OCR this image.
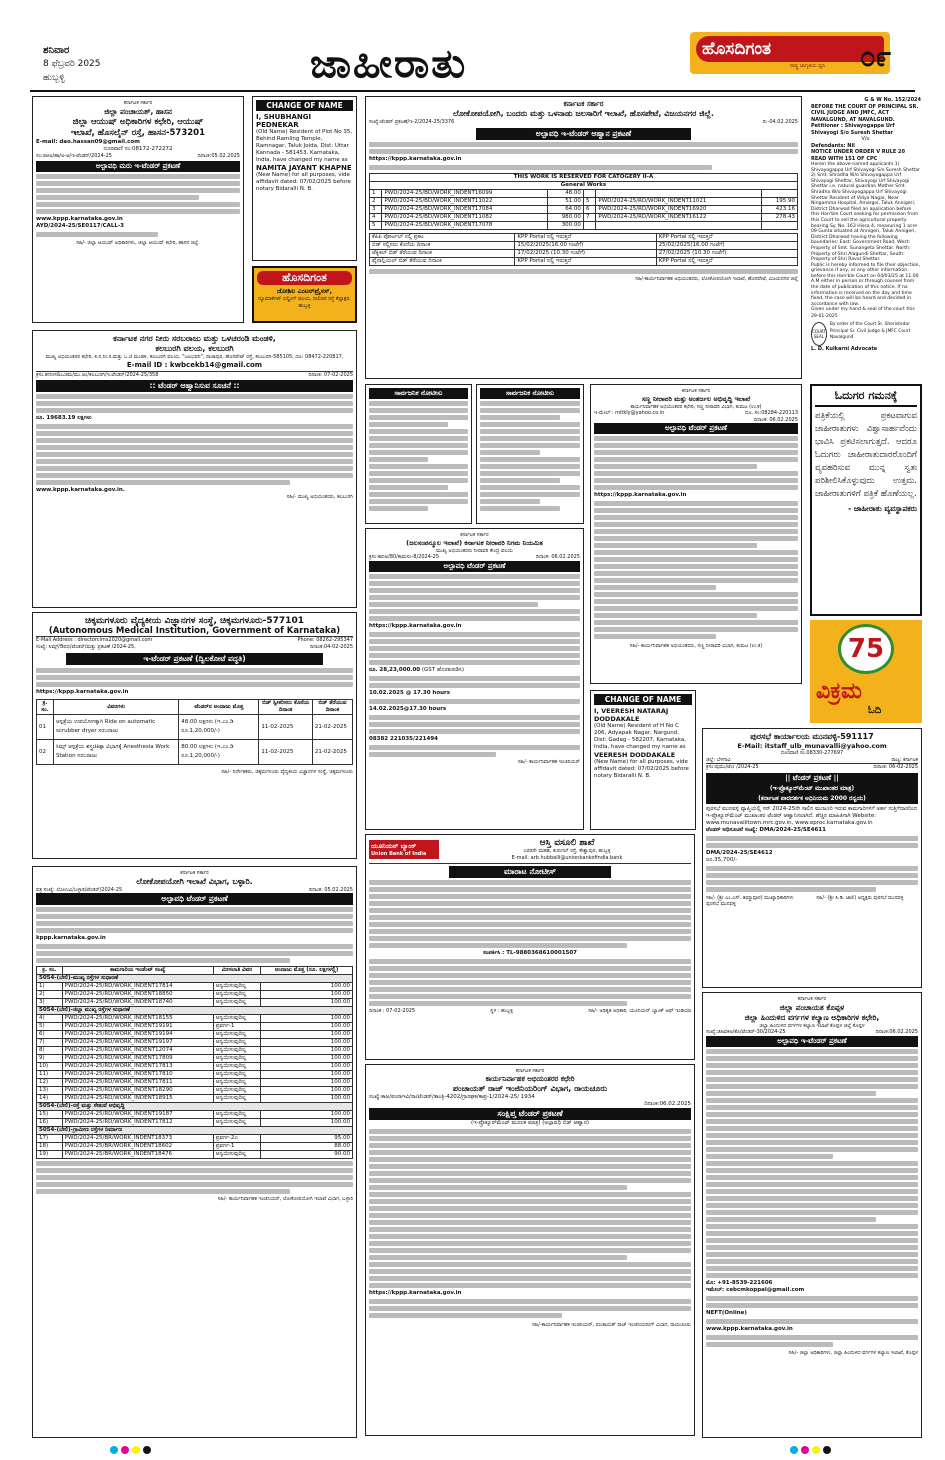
ಶನಿವಾರ
8 ಫೆಬ್ರವರಿ 2025
ಹುಬ್ಬಳ್ಳಿ	ಜಾಹೀರಾತು	ಹೊಸದಿಗಂತ
ರಾಷ್ಟ್ರ ಜಾಗೃತಿಯ ಧ್ವನಿ ೦೯
ಕರ್ನಾಟಕ ಸರ್ಕಾರ
ಜಿಲ್ಲಾ ಪಂಚಾಯತ್, ಹಾಸನ
ಜಿಲ್ಲಾ ಆಯುಷ್ ಅಧಿಕಾರಿಗಳ ಕಛೇರಿ, ಆಯುಷ್
ಇಲಾಖೆ, ಹೊಸಲೈನ್ ರಸ್ತೆ, ಹಾಸನ-573201
E-mail: dao.hassan09@gmail.com
ದೂರವಾಣಿ ನಂ:08172-272272
ಸಂ:ಜಿಆಅ/ಹಾ/ಅ-ಆ/ಇ-ಟೆಂಡರ್/2024-25	ದಿನಾಂಕ:05.02.2025
ಅಲ್ಪಾವಧಿ ಮರು ಇ-ಟೆಂಡರ್ ಪ್ರಕಟಣೆ
www.kppp.karnataka.gov.in
AYD/2024-25/SE0117/CALL-3
ಸಹಿ/- ಜಿಲ್ಲಾ ಆಯುಷ್ ಅಧಿಕಾರಿಗಳು, ಜಿಲ್ಲಾ ಆಯುಷ್ ಕಛೇರಿ, ಹಾಸನ ಜಿಲ್ಲೆ.
CHANGE OF NAME
I, SHUBHANGI PEDNEKAR
(Old Name) Resident of Plot No 35, Behind Ramling Temple, Ramnagar, Taluk Joida, Dist: Uttar Kannada - 581453, Karnataka, India, have changed my name as
NAMITA JAYANT KHAPNE
(New Name) for all purposes, vide affidavit dated: 07/02/2025 before notary Bidaralli N. B.
ಹೊಸದಿಗಂತ
ಜೋಶಿಲ ಎಂಟರ್‌ಪ್ರೈಸಸ್,
ನ್ಯೂಮಾರ್ಕೆಟ್ ಬಿಲ್ಡಿಂಗ್ ವಲಯ, ನೀಲಿಜಿನ ರಸ್ತೆ ಕೆಲ್ಲಾಕ್ಷರ, ಹುಬ್ಬಳ್ಳಿ
ಕರ್ನಾಟಕ ಸರ್ಕಾರ
ಲೋಕೋಪಯೋಗಿ, ಬಂದರು ಮತ್ತು ಒಳನಾಡು ಜಲಸಾರಿಗೆ ಇಲಾಖೆ, ಹೊಸಪೇಟೆ, ವಿಜಯನಗರ ಜಿಲ್ಲೆ.
ಸಂಖ್ಯೆ:ಟೆಂಡರ್ ಪ್ರಕಟಣೆ/ಇ-2/2024-25/3376	ದಿ:-04.02.2025
ಅಲ್ಪಾವಧಿ ಇ-ಟೆಂಡರ್ ಆಹ್ವಾನ ಪ್ರಕಟಣೆ
https://kppp.karnataka.gov.in
THIS WORK IS RESERVED FOR CATOGERY II-A					
General Works					
1	PWD/2024-25/BD/WORK_INDENT16099	48.00			
2	PWD/2024-25/BD/WORK_INDENT11022	51.00	5	PWD/2024-25/RD/WORK_INDENT11021	195.90
3	PWD/2024-25/BD/WORK_INDENT17084	64.00	6	PWD/2024-25/RD/WORK_INDENT16920	423.16
4	PWD/2024-25/BD/WORK_INDENT11082	980.00	7	PWD/2024-25/RD/WORK_INDENT16122	278.43
5	PWD/2024-25/BD/WORK_INDENT17078	300.00			
ಕೆಪಿಪಿ ಪೋರ್ಟಲ್ ನಲ್ಲಿ ಪ್ರಕಟ	KPP Portal ನಲ್ಲಿ ಇರುತ್ತದೆ	KPP Portal ನಲ್ಲಿ ಇರುತ್ತದೆ
ಬಿಡ್ ಸಲ್ಲಿಸಲು ಕೊನೆಯ ದಿನಾಂಕ	15/02/2025(16.00 ಗಂಟೆಗೆ)	25/02/2025(16.00 ಗಂಟೆಗೆ)
ಟೆಕ್ನಿಕಲ್ ಬಿಡ್ ತೆರೆಯುವ ದಿನಾಂಕ	17/02/2025 (10.30 ಗಂಟೆಗೆ)	27/02/2025 (10.30 ಗಂಟೆಗೆ)
ಫೈನಾನ್ಷಿಯಲ್ ಬಿಡ್ ತೆರೆಯುವ ದಿನಾಂಕ	KPP Portal ನಲ್ಲಿ ಇರುತ್ತದೆ	KPP Portal ನಲ್ಲಿ ಇರುತ್ತದೆ
ಸಹಿ/-ಕಾರ್ಯನಿರ್ವಾಹಕ ಅಭಿಯಂತರರು, ಲೋಕೋಪಯೋಗಿ ಇಲಾಖೆ, ಹೊಸಪೇಟೆ, ವಿಜಯನಗರ ಜಿಲ್ಲೆ
G & W No. 152/2024
BEFORE THE COURT OF PRINCIPAL SR. CIVIL JUDGE AND JMFC, ACT NAVALGUND, AT NAVALGUND.
Petitioner : Shivayogappa Urf Shivayogi S/o Suresh Shettar
V/s.
Defendants: Nil
NOTICE UNDER ORDER V RULE 20 READ WITH 151 OF CPC
Herein the above-named applicants 1) Shivayogappa Urf Shivayogi S/o Suresh Shettar 2) Smt. Shradha W/o Shivayogappa Urf Shivayogi Shettar, Shivayogi Urf Shivayogi Shettar i.e. natural guardian Mother Smt. Shradha W/o Shivayogappa Urf Shivayogi Shettar Resident of Vidya Nagar, Near Ningamma Hospital, Amargol, Taluk Annigeri, District Dharwad filed an application before this Hon'ble Court seeking for permission from this Court to sell the agricultural property bearing Sy. No. 163 Hissa 4, measuring 1 acre 09 Gunta situated at Annigeri, Taluk Annigeri, District Dharwad having the following boundaries: East: Government Road, West: Property of Smt. Sunangeta Shettar, North: Property of Shri Alagundi Shettar, South: Property of Shri Raval Shettar.
Public is hereby informed to file their objection, grievance if any, or any other information before this Hon'ble Court on 04/03/25 at 11.00 A.M either in person or through counsel from the date of publication of this notice. If no information is received on the day and time fixed, the case will be heard and decided in accordance with law.
Given under my hand & seal of the court this 29-01-2025
COURT SEAL
By order of the Court Sr. Sheristedar Principal Sr. Civil Judge & JMFC Court Navalgund
L. D. Kulkarni Advocate
ಕರ್ನಾಟಕ ನಗರ ನೀರು ಸರಬರಾಜು ಮತ್ತು ಒಳಚರಂಡಿ ಮಂಡಳಿ,
ಕಲಬುರಗಿ ವಲಯ, ಕಲಬುರಗಿ
ಮುಖ್ಯ ಅಭಿಯಂತರರ ಕಛೇರಿ, ಕ.ನ.ನೀ.ಸ.ಮತ್ತು ಒ.ಚ ಮಂಡಳಿ, ಕಲಬುರಗಿ ವಲಯ, "ಜಲಭವನ", ರಾಜಾಪುರ, ಹೊಸಪೇಟ್ ರಸ್ತೆ, ಕಲಬುರಗಿ-585105, ದೂ: 08472-220817,
E-mail ID : kwbcekb14@gmail.com
ಕ್ರಸಂ.ಕನನೀಸ&ಒಚಮ/ಮು.ಅಂ/ಕಲಬುರಗಿ/ಇ.ಟೆಂಡರ್/2024-25/358	ದಿನಾಂಕ: 07-02-2025
:: ಟೆಂಡರ್ ಆಹ್ವಾನಿಸುವ ಸೂಚನೆ ::
ರೂ. 19683.19 ಲಕ್ಷಗಳು
www.kppp.karnataka.gov.in.
ಸಹಿ/- ಮುಖ್ಯ ಅಭಿಯಂತರರು, ಕಲಬುರಗಿ
ಸಾರ್ವಜನಿಕ ನೋಟೀಸು	ಸಾರ್ವಜನಿಕ ನೋಟೀಸು	ಕರ್ನಾಟಕ ಸರ್ಕಾರ
ಸಣ್ಣ ನೀರಾವರಿ ಮತ್ತು ಅಂತರ್ಜಲ ಅಭಿವೃದ್ಧಿ ಇಲಾಖೆ
ಕಾರ್ಯನಿರ್ವಾಹಕ ಅಭಿಯಂತರರ ಕಛೇರಿ, ಸಣ್ಣ ನೀರಾವರಿ ವಿಭಾಗ, ಕುಮಟ (ಉ.ಕ)
ಇ-ಮೇಲ್ : mitkly@yahoo.co.in	ದೂ. ಸಂ:08284-220113
ದಿನಾಂಕ: 06.02.2025
ಅಲ್ಪಾವಧಿ ಟೆಂಡರ್ ಪ್ರಕಟಣೆ
https://kppp.karnataka.gov.in
ಸಹಿ/- ಕಾರ್ಯನಿರ್ವಾಹಕ ಅಭಿಯಂತರರು, ಸಣ್ಣ ನೀರಾವರಿ ವಿಭಾಗ, ಕುಮಟ (ಉ.ಕ)
ಓದುಗರ ಗಮನಕ್ಕೆ
ಪತ್ರಿಕೆಯಲ್ಲಿ ಪ್ರಕಟವಾಗುವ ಜಾಹೀರಾತುಗಳು ವಿಶ್ವಾಸಾರ್ಹವೆಂದು ಭಾವಿಸಿ ಪ್ರಕಟಿಸಲಾಗುತ್ತದೆ. ಆದರೂ ಓದುಗರು ಜಾಹೀರಾತುದಾರರೊಂದಿಗೆ ವ್ಯವಹರಿಸುವ ಮುನ್ನ ಸ್ವತಃ ಪರಿಶೀಲಿಸಿಕೊಳ್ಳುವುದು ಉತ್ತಮ. ಜಾಹೀರಾತುಗಳಿಗೆ ಪತ್ರಿಕೆ ಹೊಣೆಯಲ್ಲ.
- ಜಾಹೀರಾತು ವ್ಯವಸ್ಥಾಪಕರು
75
ವಿಕ್ರಮ
ಓದಿ
ಚಿಕ್ಕಮಗಳೂರು ವೈದ್ಯಕೀಯ ವಿಜ್ಞಾನಗಳ ಸಂಸ್ಥೆ, ಚಿಕ್ಕಮಗಳೂರು-577101
(Autonomous Medical Institution, Government of Karnataka)
E-Mail Address : directorcims2020@gmail.com	Phone: 08262-295347
ಸಂಖ್ಯೆ: ಸಿಮ್ಸ್/ಔಷಧ/ಟೆಂಡರ್/ಮತ್ತು ಪ್ರಕಟಣೆ /2024-25,	ದಿನಾಂಕ:04-02-2025
ಇ-ಟೆಂಡರ್ ಪ್ರಕಟಣೆ (ದ್ವಿಲಕೋಟೆ ಪದ್ಧತಿ)
https://kppp.karnataka.gov.in
ಕ್ರ. ಸಂ.	ವಿವರಗಳು	ಟೆಂಡರ್‌ನ ಅಂದಾಜು ಮೊತ್ತ	ಬಿಡ್ ಸ್ವೀಕರಿಸಲು ಕೊನೆಯ ದಿನಾಂಕ	ಬಿಡ್ ತೆರೆಯುವ ದಿನಾಂಕ
01	ಆಸ್ಪತ್ರೆಯ ಉಪಯೋಗಕ್ಕಾಗಿ Ride on automatic scrubber dryer ಸರಬರಾಜು	48.00 ಲಕ್ಷಗಳು (ಇ.ಎಂ.ಡಿ ರೂ.1,20,000/-)	11-02-2025	21-02-2025
02	ಸಿಮ್ಸ್ ಆಸ್ಪತ್ರೆಯ ಶಸ್ತ್ರಚಿಕಿತ್ಸಾ ವಿಭಾಗಕ್ಕೆ Anesthesia Work Station ಸರಬರಾಜು	80.00 ಲಕ್ಷಗಳು (ಇ.ಎಂ.ಡಿ ರೂ.1,20,000/-)	11-02-2025	21-02-2025
ಸಹಿ/- ನಿರ್ದೇಶಕರು, ಚಿಕ್ಕಮಗಳೂರು ವೈದ್ಯಕೀಯ ವಿಜ್ಞಾನಗಳ ಸಂಸ್ಥೆ, ಚಿಕ್ಕಮಗಳೂರು
ಕರ್ನಾಟಕ ಸರ್ಕಾರ
(ಜಲಸಂಪನ್ಮೂಲ ಇಲಾಖೆ) ಕರ್ನಾಟಕ ನೀರಾವರಿ ನಿಗಮ ನಿಯಮಿತ
ಮುಖ್ಯ ಅಭಿಯಂತರರು ನೀರಾವರಿ ಕೇಂದ್ರ ವಲಯ
ಕ್ರಸಂ:ಕಾನಿಅ/80/ಕಾಮಸಂ-8/2024-25	ದಿನಾಂಕ: 06.02.2025
ಅಲ್ಪಾವಧಿ ಟೆಂಡರ್ ಪ್ರಕಟಣೆ
https://kppp.karnataka.gov.in
ರೂ. 28,23,000.00 (GST ಹೊರತುಪಡಿಸಿ)
10.02.2025 @ 17.30 hours
14.02.2025@17.30 hours
08382 221035/221494
ಸಹಿ/- ಕಾರ್ಯನಿರ್ವಾಹಕ ಇಂಜಿನಿಯರ್
CHANGE OF NAME
I, VEERESH NATARAJ DODDAKALE
(Old Name) Resident of H No C 206, Adyapak Nagar, Nargund, Dist: Gadag - 582207, Karnataka, India, have changed my name as
VEERESH DODDAKALE
(New Name) for all purposes, vide affidavit dated: 07/02/2025 before notary Bidaralli N. B.
ಪುರಸಭೆ ಕಾರ್ಯಾಲಯ ಮುನವಳ್ಳಿ-591117
E-Mail: itstaff_ulb_munavalli@yahoo.com
ದೂರವಾಣಿ ಸಂ.08330-277697
ಜಿಲ್ಲೆ: ಬೆಳಗಾವಿ	ರಾಜ್ಯ: ಕರ್ನಾಟಕ
ಕ್ರಸಂ:ಪುಮು/ಟೆಂ/ /2024-25	ದಿನಾಂಕ: 06-02-2025
|| ಟೆಂಡರ್ ಪ್ರಕಟಣೆ ||
(ಇ-ಪ್ರೊಕ್ಯೂರ್‌ಮೆಂಟ್ ಮುಖಾಂತರ ಮಾತ್ರ)
(ಕರ್ನಾಟಕ ಪಾರದರ್ಶಕ ಅಧಿನಿಯಮ 2000 ರನ್ವಯ)
ಪುರಸಭೆ ಮುನವಳ್ಳಿ ವ್ಯಾಪ್ತಿಯಲ್ಲಿ ಸನ್ 2024-25ನೇ ಸಾಲಿನ ಮಂಜೂರಿ ಇರುವ ಕಾಮಗಾರಿಗಳಿಗೆ ಅರ್ಹ ಗುತ್ತಿಗೆದಾರರಿಂದ ಇ-ಪ್ರೊಕ್ಯೂರ್‌ಮೆಂಟ್ ಮುಖಾಂತರ ಟೆಂಡರ್ ಆಹ್ವಾನಿಸಲಾಗಿದೆ. ಹೆಚ್ಚಿನ ಮಾಹಿತಿಗಾಗಿ Website: www.munavallitown.mrc.gov.in, www.eproc.karnataka.gov.in
ಟೆಂಡರ್ ಅಧಿಸೂಚನೆ ಸಂಖ್ಯೆ: DMA/2024-25/SE4611
DMA/2024-25/SE4612
ರೂ.35,700/-
ಸಹಿ/- (ಶ್ರೀ ಎಂ.ಎಸ್. ತಿಮ್ಮಾಪೂರ) ಮುಖ್ಯಾಧಿಕಾರಿಗಳು ಪುರಸಭೆ ಮುನವಳ್ಳಿ
ಸಹಿ/- (ಶ್ರೀ ಸಿ.ಡಿ. ಜಾಲಿ) ಅಧ್ಯಕ್ಷರು ಪುರಸಭೆ ಮುನವಳ್ಳಿ
ಕರ್ನಾಟಕ ಸರ್ಕಾರ
ಲೋಕೋಪಯೋಗಿ ಇಲಾಖೆ ವಿಭಾಗ, ಬಳ್ಳಾರಿ.
ಪತ್ರ ಸಂಖ್ಯೆ: ಲೋಉವಿ/ಬಳ್ಳಾರಿ/ಟೆಂಡರ್/2024-25	ದಿನಾಂಕ: 05.02.2025
ಅಲ್ಪಾವಧಿ ಟೆಂಡರ್ ಪ್ರಕಟಣೆ
kppp.karnataka.gov.in
ಕ್ರ. ಸಂ.	ಕಾಮಗಾರಿಯ ಇಂಡೆಂಟ್ ಸಂಖ್ಯೆ	ಮೀಸಲಾತಿ ವಿವರ	ಅಂದಾಜು ಮೊತ್ತ (ರೂ. ಲಕ್ಷಗಳಲ್ಲಿ)
5054-(ಬೇಲಿ)-ಮುಖ್ಯ ರಸ್ತೆಗಳ ಸುಧಾರಣೆ			
1)	PWD/2024-25/RD/WORK_INDENT17814	ಅನ್ವಯಿಸುವುದಿಲ್ಲ	100.00
2)	PWD/2024-25/RD/WORK_INDENT18850	ಅನ್ವಯಿಸುವುದಿಲ್ಲ	100.00
3)	PWD/2024-25/RD/WORK_INDENT18740	ಅನ್ವಯಿಸುವುದಿಲ್ಲ	100.00
5054-(ಬೇಲಿ)-ಜಿಲ್ಲಾ ಮುಖ್ಯ ರಸ್ತೆಗಳ ಸುಧಾರಣೆ			
4)	PWD/2024-25/RD/WORK_INDENT18155	ಅನ್ವಯಿಸುವುದಿಲ್ಲ	100.00
5)	PWD/2024-25/RD/WORK_INDENT19191	ಪ್ರವರ್ಗ-1	100.00
6)	PWD/2024-25/RD/WORK_INDENT19194	ಅನ್ವಯಿಸುವುದಿಲ್ಲ	100.00
7)	PWD/2024-25/RD/WORK_INDENT19197	ಅನ್ವಯಿಸುವುದಿಲ್ಲ	100.00
8)	PWD/2024-25/RD/WORK_INDENT12074	ಅನ್ವಯಿಸುವುದಿಲ್ಲ	100.00
9)	PWD/2024-25/RD/WORK_INDENT17809	ಅನ್ವಯಿಸುವುದಿಲ್ಲ	100.00
10)	PWD/2024-25/RD/WORK_INDENT17813	ಅನ್ವಯಿಸುವುದಿಲ್ಲ	100.00
11)	PWD/2024-25/RD/WORK_INDENT17810	ಅನ್ವಯಿಸುವುದಿಲ್ಲ	100.00
12)	PWD/2024-25/RD/WORK_INDENT17811	ಅನ್ವಯಿಸುವುದಿಲ್ಲ	100.00
13)	PWD/2024-25/RD/WORK_INDENT18290	ಅನ್ವಯಿಸುವುದಿಲ್ಲ	100.00
14)	PWD/2024-25/RD/WORK_INDENT18915	ಅನ್ವಯಿಸುವುದಿಲ್ಲ	100.00
5054-(ಬೇಲಿ)-ರಸ್ತೆ ಮತ್ತು ಸೇತುವೆ ಅಭಿವೃದ್ಧಿ			
15)	PWD/2024-25/RD/WORK_INDENT19187	ಅನ್ವಯಿಸುವುದಿಲ್ಲ	100.00
16)	PWD/2024-25/RD/WORK_INDENT17812	ಅನ್ವಯಿಸುವುದಿಲ್ಲ	100.00
5054-(ಬೇಲಿ)-ಗ್ರಾಮೀಣ ರಸ್ತೆಗಳ ನಿರ್ಮಾಣ			
17)	PWD/2024-25/BR/WORK_INDENT18373	ಪ್ರವರ್ಗ-2ಎ	95.00
18)	PWD/2024-25/BR/WORK_INDENT18602	ಪ್ರವರ್ಗ-1	88.00
19)	PWD/2024-25/BR/WORK_INDENT18476	ಅನ್ವಯಿಸುವುದಿಲ್ಲ	90.00
ಸಹಿ/- ಕಾರ್ಯನಿರ್ವಾಹಕ ಇಂಜಿನಿಯರ್, ಲೋಕೋಪಯೋಗಿ ಇಲಾಖೆ ವಿಭಾಗ, ಬಳ್ಳಾರಿ
ಯೂನಿಯನ್ ಬ್ಯಾಂಕ್
Union Bank of India
ಆಸ್ತಿ ವಸೂಲಿ ಶಾಖೆ
ಎರಡನೇ ಮಹಡಿ, ಕುಸುಗಲ್ ರಸ್ತೆ, ಕೇಶ್ವಾಪುರ, ಹುಬ್ಬಳ್ಳಿ
E-mail: arb.hubballi@unionbankofindia.bank
ಮಾರಾಟ ನೋಟೀಸ್
ಸಂಪರ್ಕಿಸಿ : TL-9880368610001507
ದಿನಾಂಕ : 07-02-2025	ಸ್ಥಳ : ಹುಬ್ಬಳ್ಳಿ	ಸಹಿ/- ಅಧಿಕೃತ ಅಧಿಕಾರಿ, ಯೂನಿಯನ್ ಬ್ಯಾಂಕ್ ಆಫ್ ಇಂಡಿಯಾ
ಕರ್ನಾಟಕ ಸರ್ಕಾರ
ಕಾರ್ಯನಿರ್ವಾಹಕ ಅಭಿಯಂತರರ ಕಛೇರಿ
ಪಂಚಾಯತ್ ರಾಜ್ ಇಂಜಿನಿಯರಿಂಗ್ ವಿಭಾಗ, ರಾಯಚೂರು
ಸಂಖ್ಯೆ:ಕಾಅ/ಪಂರಾಇವಿ/ರಾ/ಟೆಂಡರ್/ತಾಂತ್ರಿ-4202/ಗ್ರಾರಘಕ/ಕಾಪ್ರ-1/2024-25/ 1934
ದಿನಾಂಕ:06.02.2025
ಸಂಕ್ಷಿಪ್ತ ಟೆಂಡರ್ ಪ್ರಕಟಣೆ
(ಇ-ಪ್ರೊಕ್ಯೂರ್‌ಮೆಂಟ್ ಮೂಲಕ ಮಾತ್ರ) (ಅಲ್ಪಾವಧಿ ಬಿಡ್ ಆಹ್ವಾನ)
https://kppp.karnataka.gov.in
ಸಹಿ/-ಕಾರ್ಯನಿರ್ವಾಹಕ ಇಂಜಿನಿಯರ್, ಪಂಚಾಯತ್ ರಾಜ್ ಇಂಜಿನಿಯರಿಂಗ್ ವಿಭಾಗ, ರಾಯಚೂರು
ಕರ್ನಾಟಕ ಸರ್ಕಾರ
ಜಿಲ್ಲಾ ಪಂಚಾಯತ ಕೊಪ್ಪಳ
ಜಿಲ್ಲಾ ಹಿಂದುಳಿದ ವರ್ಗಗಳ ಕಲ್ಯಾಣ ಅಧಿಕಾರಿಗಳ ಕಛೇರಿ,
ಜಿಲ್ಲಾ ಹಿಂದುಳಿದ ವರ್ಗಗಳ ಕಲ್ಯಾಣ ಇಲಾಖೆ ಕೊಪ್ಪಳ ಜಿಲ್ಲೆ ಕೊಪ್ಪಳ
ಸಂಖ್ಯೆ:ಜಿಹಿವಕಅ/ಕೊ/ಟೆಂಡರ್-30/2024-25	ದಿನಾಂಕ:06.02.2025
ಅಲ್ಪಾವಧಿ ಇ-ಟೆಂಡರ್ ಪ್ರಕಟಣೆ
ಮೊ: +91-8539-221606
ಇಮೇಲ್: cebcmkoppal@gmail.com
NEFT(Online)
www.kppp.karnataka.gov.in
ಸಹಿ/- ಜಿಲ್ಲಾ ಅಧಿಕಾರಿಗಳು, ಜಿಲ್ಲಾ ಹಿಂದುಳಿದ ವರ್ಗಗಳ ಕಲ್ಯಾಣ ಇಲಾಖೆ, ಕೊಪ್ಪಳ
